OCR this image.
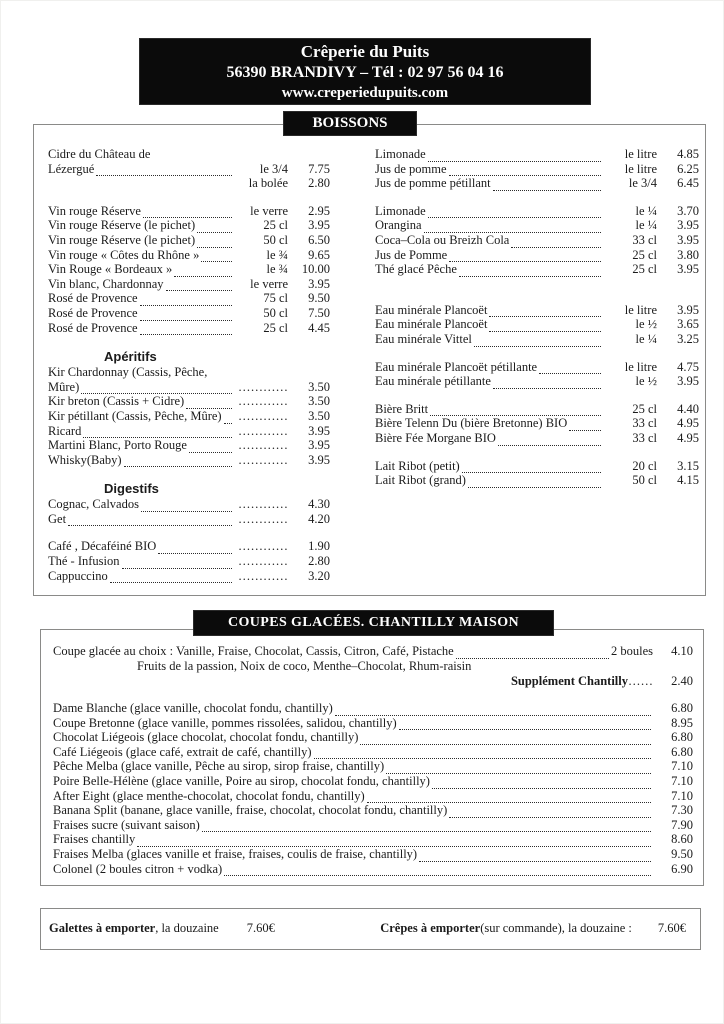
Crêperie du Puits
56390 BRANDIVY – Tél : 02 97 56 04 16
www.creperiedupuits.com
BOISSONS
Cidre du Château de
Lézergué	le 3/4	7.75
la bolée	2.80
Vin rouge Réserve	le verre	2.95
Vin rouge Réserve (le pichet)	25 cl	3.95
Vin rouge Réserve (le pichet)	50 cl	6.50
Vin rouge « Côtes du Rhône »	le ¾	9.65
Vin Rouge « Bordeaux »	le ¾	10.00
Vin blanc, Chardonnay	le verre	3.95
Rosé de Provence	75 cl	9.50
Rosé de Provence	50 cl	7.50
Rosé de Provence	25 cl	4.45
Apéritifs
Kir Chardonnay (Cassis, Pêche,
Mûre)	…………	3.50
Kir breton (Cassis + Cidre)	…………	3.50
Kir pétillant (Cassis, Pêche, Mûre)	…………	3.50
Ricard	…………	3.95
Martini Blanc, Porto Rouge	…………	3.95
Whisky(Baby)	…………	3.95
Digestifs
Cognac, Calvados	…………	4.30
Get	…………	4.20
Café , Décaféiné BIO	…………	1.90
Thé - Infusion	…………	2.80
Cappuccino	…………	3.20
Limonade	le litre	4.85
Jus de pomme	le litre	6.25
Jus de pomme pétillant	le 3/4	6.45
Limonade	le ¼	3.70
Orangina	le ¼	3.95
Coca–Cola ou Breizh Cola	33 cl	3.95
Jus de Pomme	25 cl	3.80
Thé glacé Pêche	25 cl	3.95
Eau minérale Plancoët	le litre	3.95
Eau minérale Plancoët	le ½	3.65
Eau minérale Vittel	le ¼	3.25
Eau minérale Plancoët pétillante	le litre	4.75
Eau minérale pétillante	le ½	3.95
Bière Britt	25 cl	4.40
Bière Telenn Du (bière Bretonne) BIO	33 cl	4.95
Bière Fée Morgane BIO	33 cl	4.95
Lait Ribot (petit)	20 cl	3.15
Lait Ribot (grand)	50 cl	4.15
COUPES GLACÉES. CHANTILLY MAISON
Coupe glacée au choix : Vanille, Fraise, Chocolat, Cassis, Citron, Café, Pistache	2 boules	4.10
Fruits de la passion, Noix de coco, Menthe–Chocolat, Rhum-raisin
Supplément Chantilly ……	2.40
Dame Blanche (glace vanille, chocolat fondu, chantilly)	6.80
Coupe Bretonne (glace vanille, pommes rissolées, salidou, chantilly)	8.95
Chocolat Liégeois (glace chocolat, chocolat fondu, chantilly)	6.80
Café Liégeois (glace café, extrait de café, chantilly)	6.80
Pêche Melba (glace vanille, Pêche au sirop, sirop fraise, chantilly)	7.10
Poire Belle-Hélène (glace vanille, Poire au sirop, chocolat fondu, chantilly)	7.10
After Eight (glace menthe-chocolat, chocolat fondu, chantilly)	7.10
Banana Split (banane, glace vanille, fraise, chocolat, chocolat fondu, chantilly)	7.30
Fraises sucre (suivant saison)	7.90
Fraises chantilly	8.60
Fraises Melba (glaces vanille et fraise, fraises, coulis de fraise, chantilly)	9.50
Colonel (2 boules citron + vodka)	6.90
Galettes à emporter , la douzaine 7.60€	Crêpes à emporter (sur commande), la douzaine : 7.60€
